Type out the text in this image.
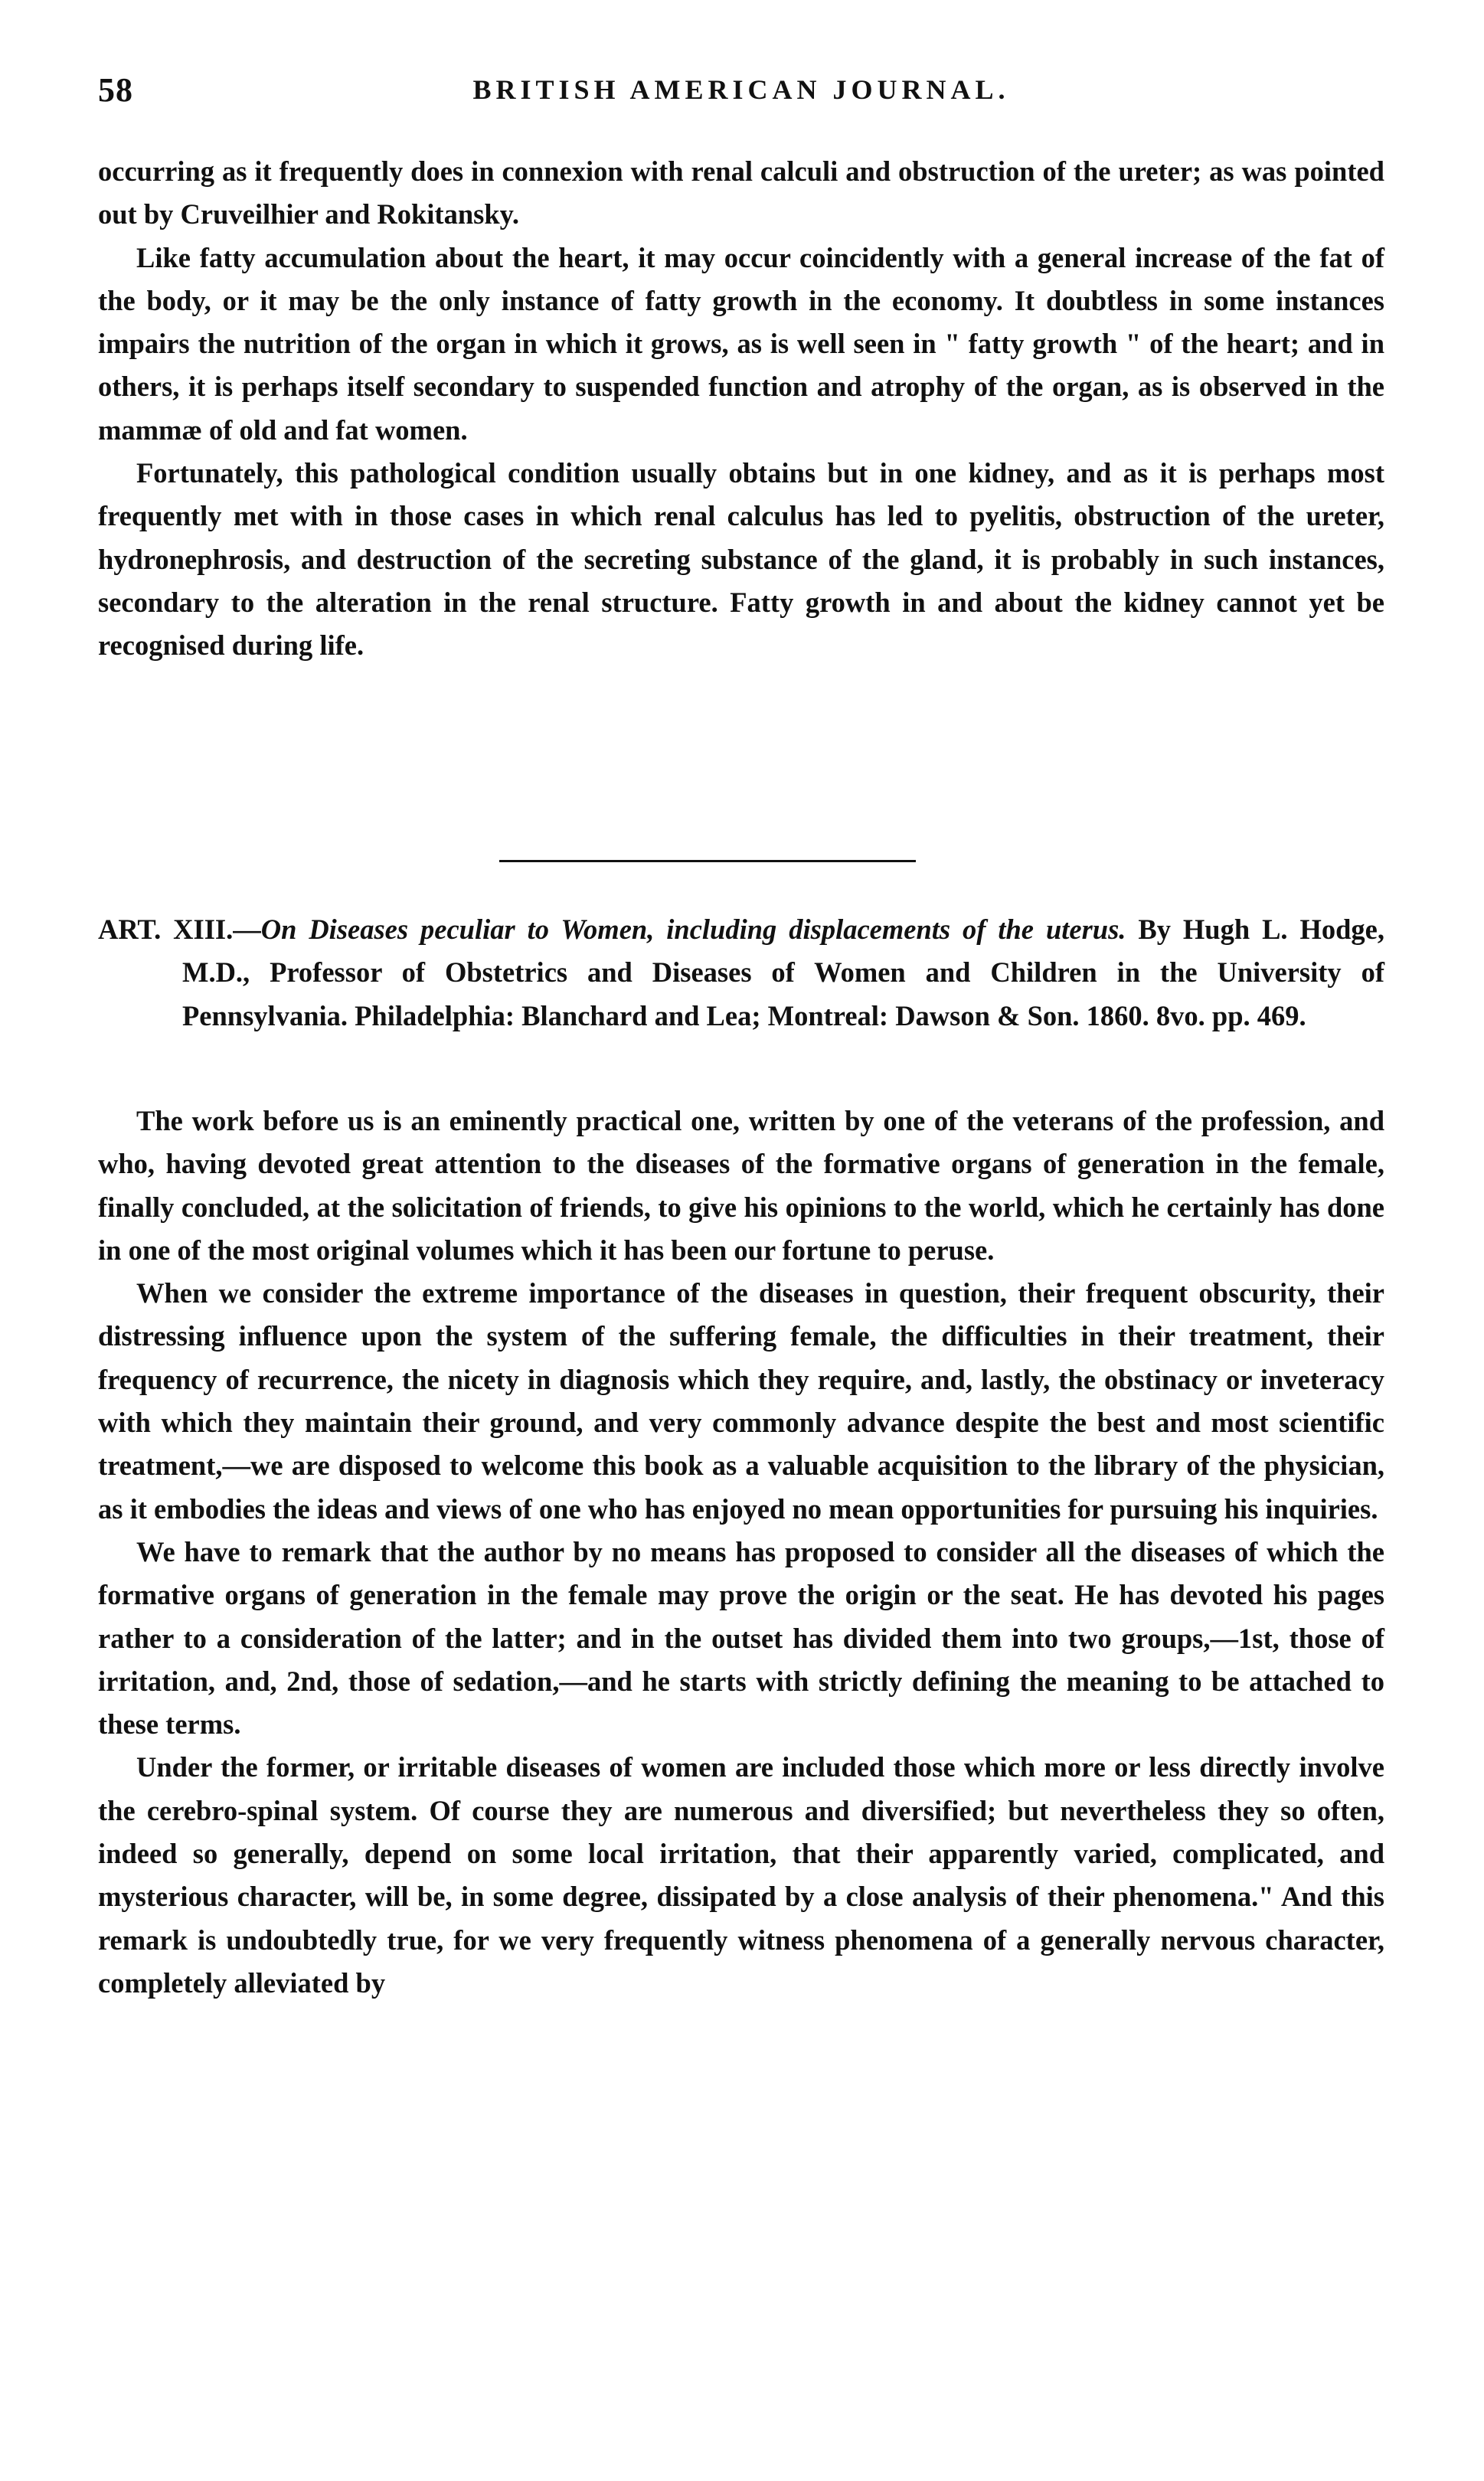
58	BRITISH AMERICAN JOURNAL.

occurring as it frequently does in connexion with renal calculi and obstruction of the ureter; as was pointed out by Cruveilhier and Rokitansky.

Like fatty accumulation about the heart, it may occur coincidently with a general increase of the fat of the body, or it may be the only instance of fatty growth in the economy. It doubtless in some instances impairs the nutrition of the organ in which it grows, as is well seen in " fatty growth " of the heart; and in others, it is perhaps itself secondary to suspended function and atrophy of the organ, as is observed in the mammæ of old and fat women.

Fortunately, this pathological condition usually obtains but in one kidney, and as it is perhaps most frequently met with in those cases in which renal calculus has led to pyelitis, obstruction of the ureter, hydronephrosis, and destruction of the secreting substance of the gland, it is probably in such instances, secondary to the alteration in the renal structure. Fatty growth in and about the kidney cannot yet be recognised during life.

ART. XIII.—On Diseases peculiar to Women, including displacements of the uterus. By Hugh L. Hodge, M.D., Professor of Obstetrics and Diseases of Women and Children in the University of Pennsylvania. Philadelphia: Blanchard and Lea; Montreal: Dawson & Son. 1860. 8vo. pp. 469.

The work before us is an eminently practical one, written by one of the veterans of the profession, and who, having devoted great attention to the diseases of the formative organs of generation in the female, finally concluded, at the solicitation of friends, to give his opinions to the world, which he certainly has done in one of the most original volumes which it has been our fortune to peruse.

When we consider the extreme importance of the diseases in question, their frequent obscurity, their distressing influence upon the system of the suffering female, the difficulties in their treatment, their frequency of recurrence, the nicety in diagnosis which they require, and, lastly, the obstinacy or inveteracy with which they maintain their ground, and very commonly advance despite the best and most scientific treatment,—we are disposed to welcome this book as a valuable acquisition to the library of the physician, as it embodies the ideas and views of one who has enjoyed no mean opportunities for pursuing his inquiries.

We have to remark that the author by no means has proposed to consider all the diseases of which the formative organs of generation in the female may prove the origin or the seat. He has devoted his pages rather to a consideration of the latter; and in the outset has divided them into two groups,—1st, those of irritation, and, 2nd, those of sedation,—and he starts with strictly defining the meaning to be attached to these terms.

Under the former, or irritable diseases of women are included those which more or less directly involve the cerebro-spinal system. Of course they are numerous and diversified; but nevertheless they so often, indeed so generally, depend on some local irritation, that their apparently varied, complicated, and mysterious character, will be, in some degree, dissipated by a close analysis of their phenomena." And this remark is undoubtedly true, for we very frequently witness phenomena of a generally nervous character, completely alleviated by
